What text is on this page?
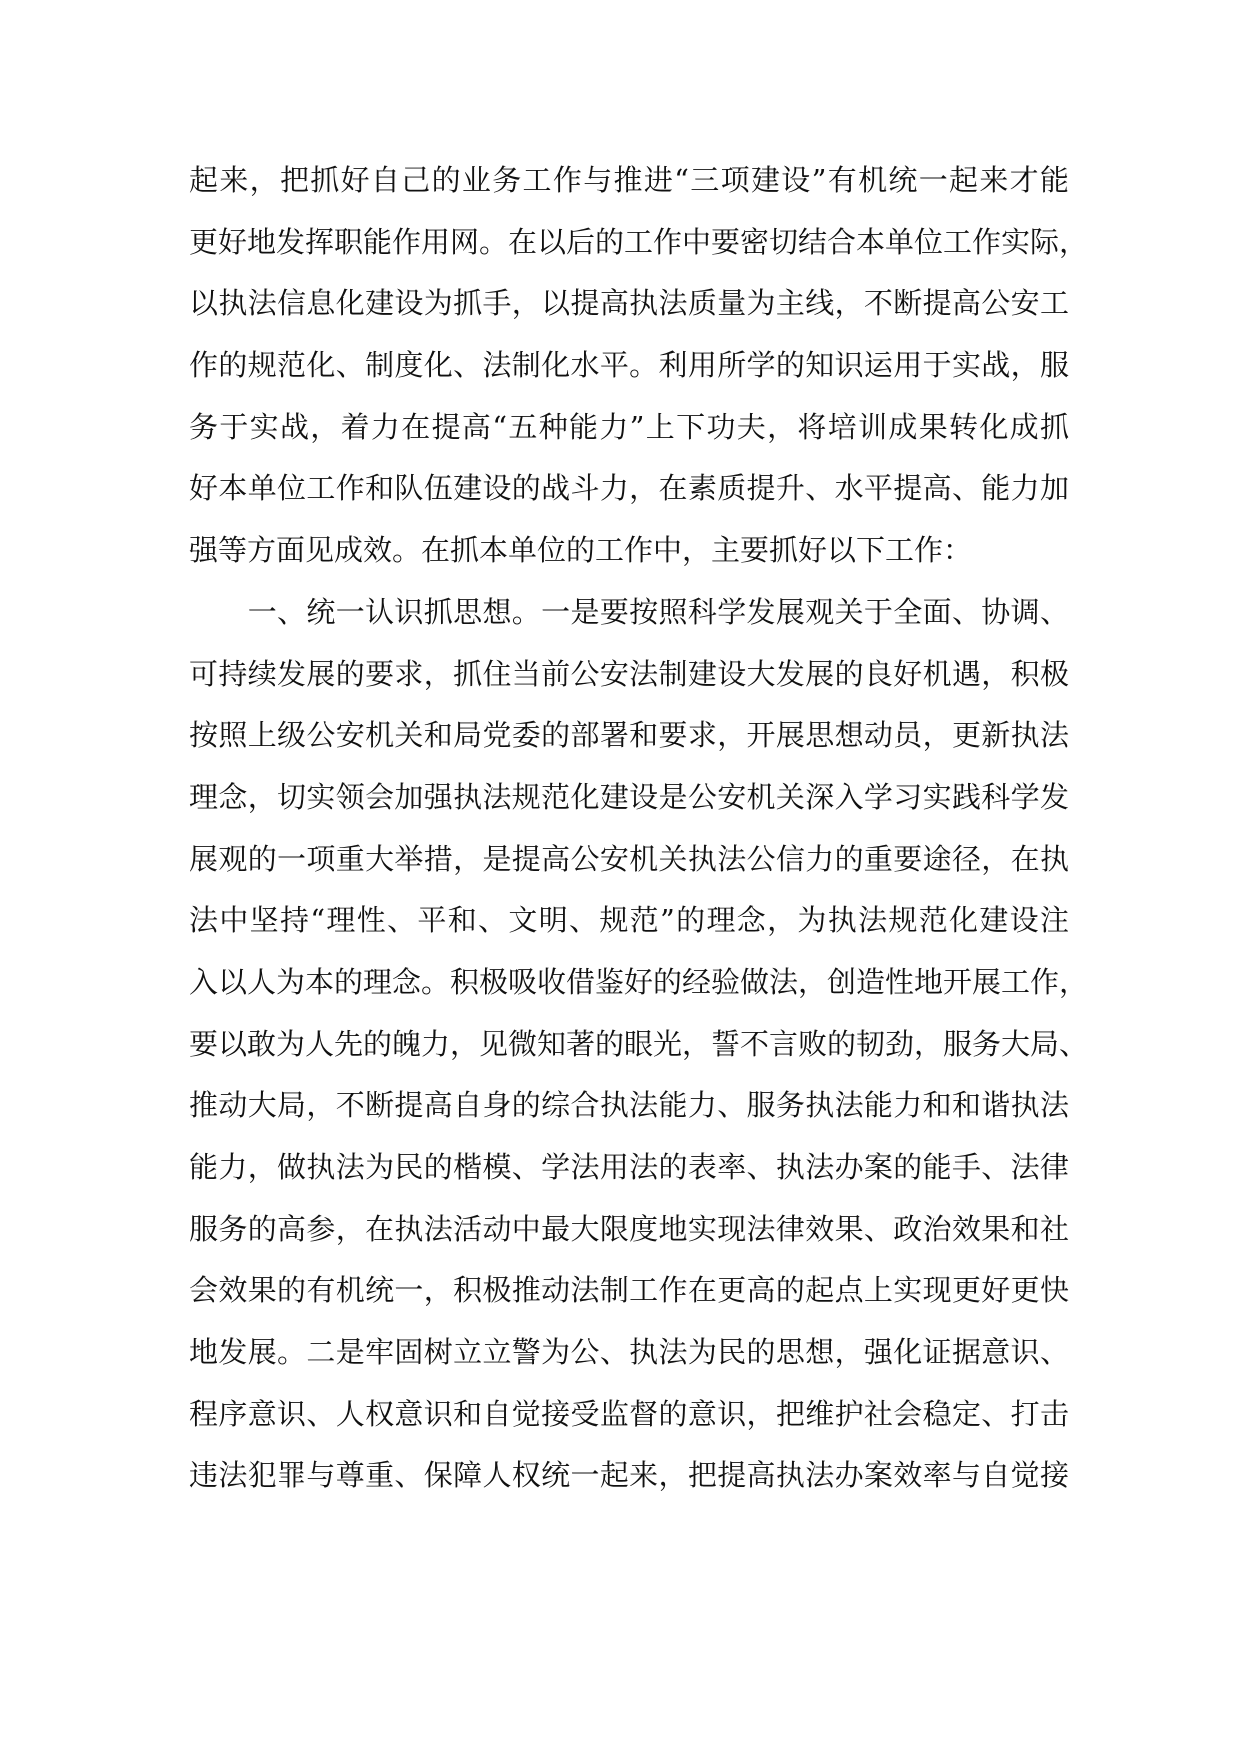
起来，把抓好自己的业务工作与推进“三项建设”有机统一起来才能
更好地发挥职能作用网。在以后的工作中要密切结合本单位工作实际，
以执法信息化建设为抓手，以提高执法质量为主线，不断提高公安工
作的规范化、制度化、法制化水平。利用所学的知识运用于实战，服
务于实战，着力在提高“五种能力”上下功夫，将培训成果转化成抓
好本单位工作和队伍建设的战斗力，在素质提升、水平提高、能力加
强等方面见成效。在抓本单位的工作中，主要抓好以下工作：
　　一、统一认识抓思想。一是要按照科学发展观关于全面、协调、
可持续发展的要求，抓住当前公安法制建设大发展的良好机遇，积极
按照上级公安机关和局党委的部署和要求，开展思想动员，更新执法
理念，切实领会加强执法规范化建设是公安机关深入学习实践科学发
展观的一项重大举措，是提高公安机关执法公信力的重要途径，在执
法中坚持“理性、平和、文明、规范”的理念，为执法规范化建设注
入以人为本的理念。积极吸收借鉴好的经验做法，创造性地开展工作，
要以敢为人先的魄力，见微知著的眼光，誓不言败的韧劲，服务大局、
推动大局，不断提高自身的综合执法能力、服务执法能力和和谐执法
能力，做执法为民的楷模、学法用法的表率、执法办案的能手、法律
服务的高参，在执法活动中最大限度地实现法律效果、政治效果和社
会效果的有机统一，积极推动法制工作在更高的起点上实现更好更快
地发展。二是牢固树立立警为公、执法为民的思想，强化证据意识、
程序意识、人权意识和自觉接受监督的意识，把维护社会稳定、打击
违法犯罪与尊重、保障人权统一起来，把提高执法办案效率与自觉接
